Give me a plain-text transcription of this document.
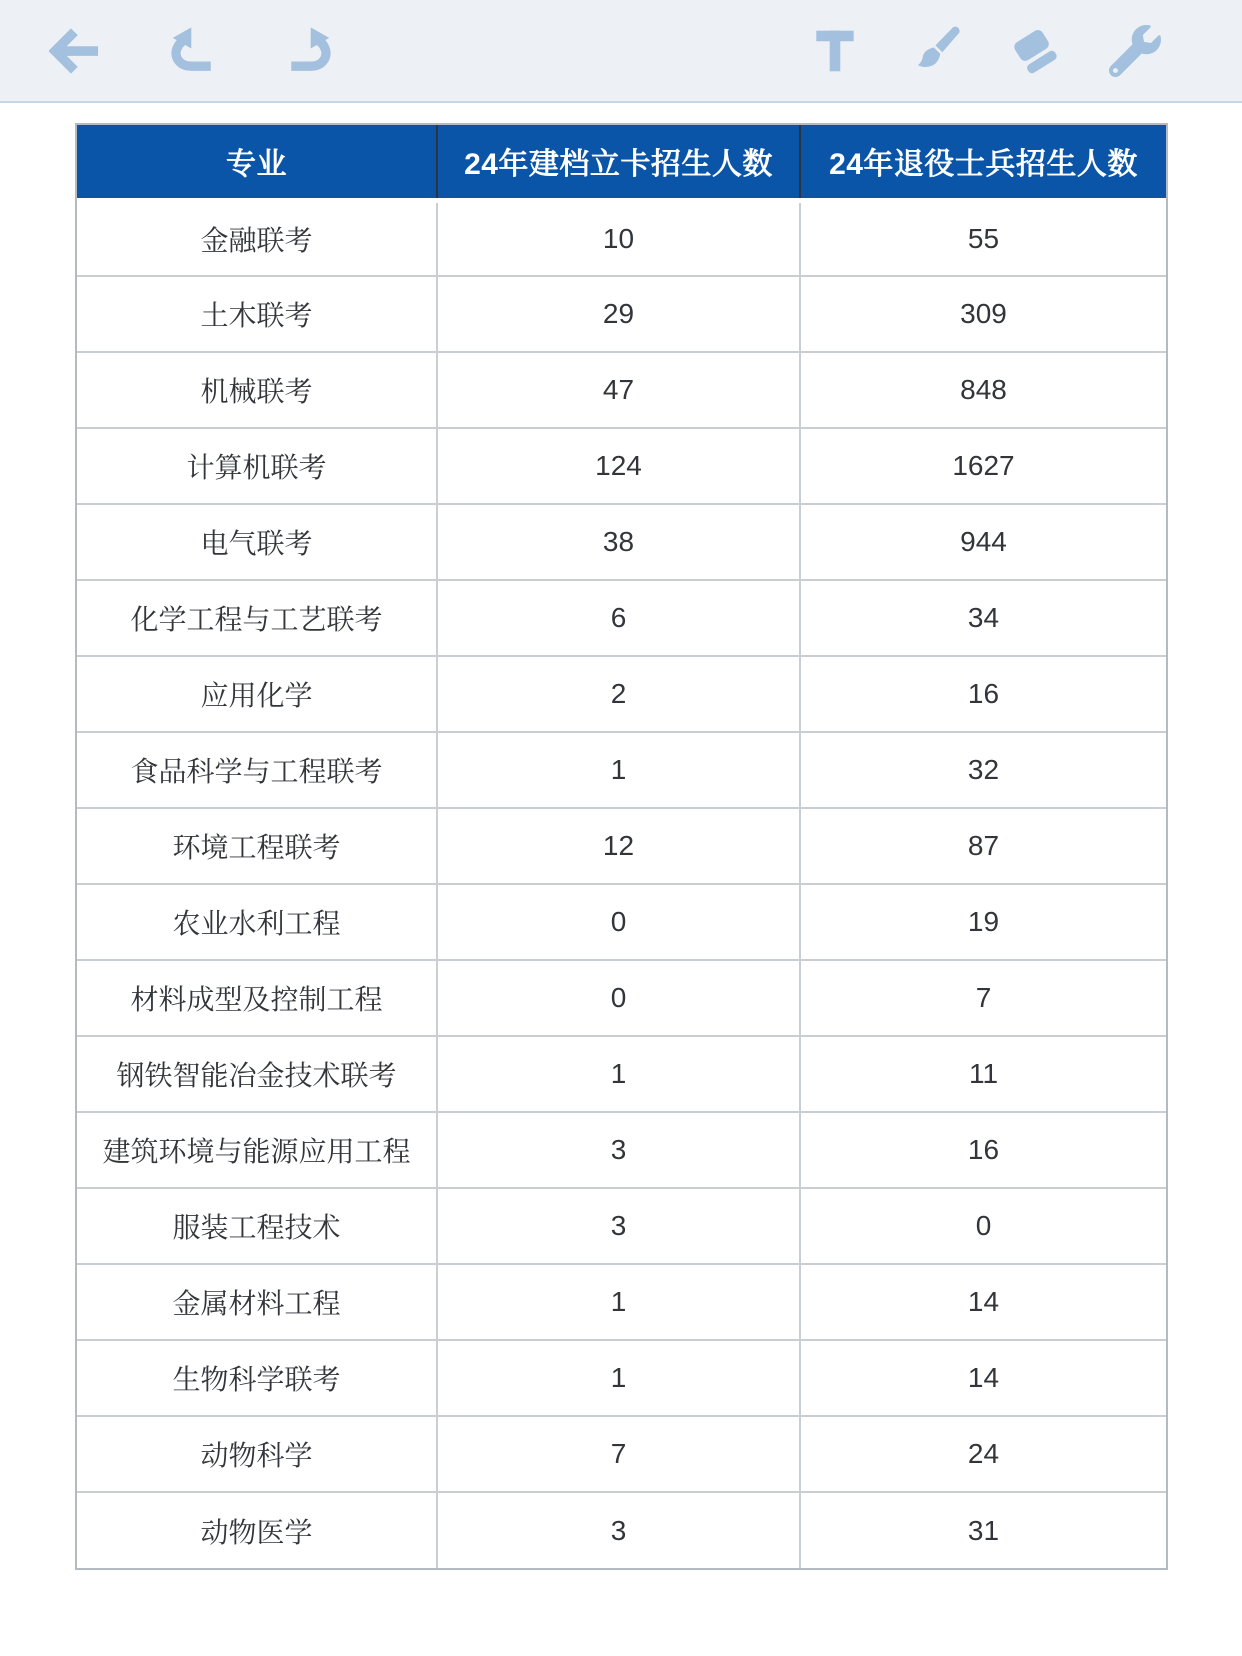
专业	24年建档立卡招生人数	24年退役士兵招生人数
金融联考	10	55
土木联考	29	309
机械联考	47	848
计算机联考	124	1627
电气联考	38	944
化学工程与工艺联考	6	34
应用化学	2	16
食品科学与工程联考	1	32
环境工程联考	12	87
农业水利工程	0	19
材料成型及控制工程	0	7
钢铁智能冶金技术联考	1	11
建筑环境与能源应用工程	3	16
服装工程技术	3	0
金属材料工程	1	14
生物科学联考	1	14
动物科学	7	24
动物医学	3	31
